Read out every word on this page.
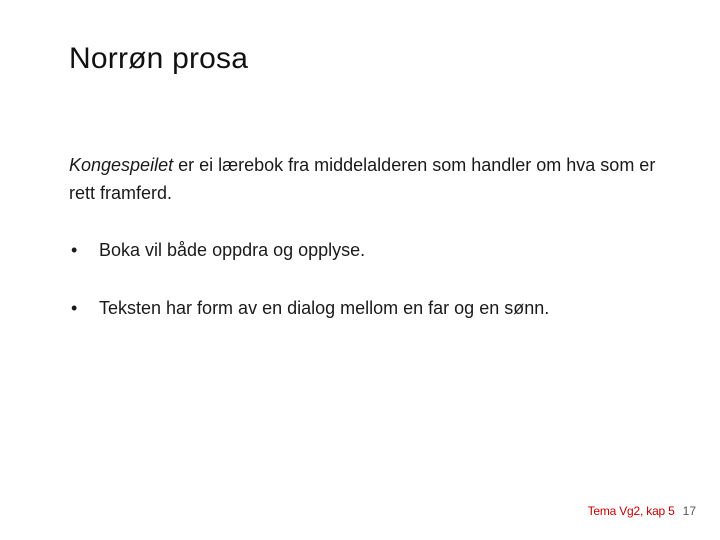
Norrøn prosa
Kongespeilet er ei lærebok fra middelalderen som handler om hva som er rett framferd.
•	Boka vil både oppdra og opplyse.
•	Teksten har form av en dialog mellom en far og en sønn.
Tema Vg2, kap 5 17
